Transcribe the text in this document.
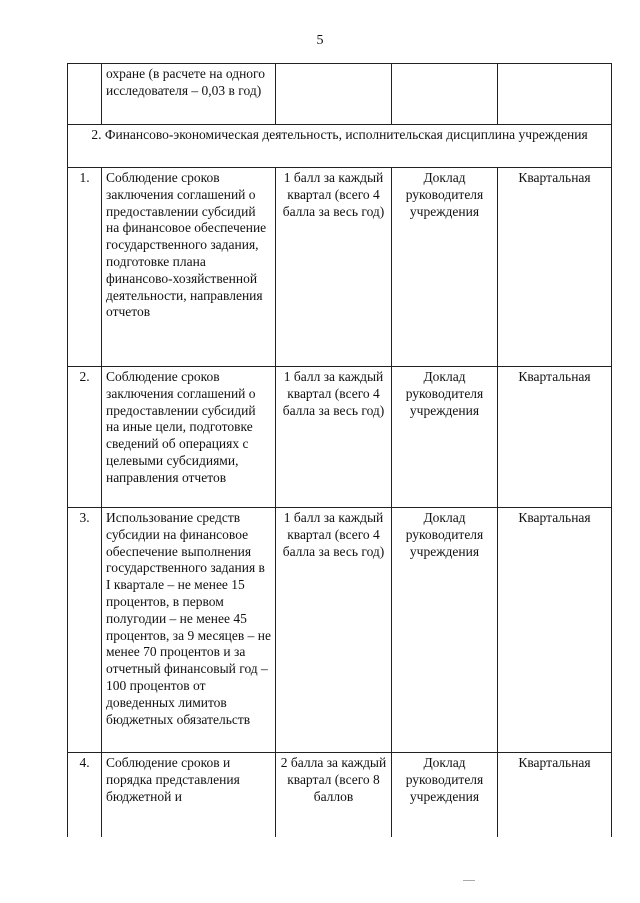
5
	охране (в расчете на одного исследователя – 0,03 в год)			
2. Финансово-экономическая деятельность, исполнительская дисциплина учреждения				
1.	Соблюдение сроков заключения соглашений о предоставлении субсидий на финансовое обеспечение государственного задания, подготовке плана финансово-хозяйственной деятельности, направления отчетов	1 балл за каждый квартал (всего 4 балла за весь год)	Доклад руководителя учреждения	Квартальная
2.	Соблюдение сроков заключения соглашений о предоставлении субсидий на иные цели, подготовке сведений об операциях с целевыми субсидиями, направления отчетов	1 балл за каждый квартал (всего 4 балла за весь год)	Доклад руководителя учреждения	Квартальная
3.	Использование средств субсидии на финансовое обеспечение выполнения государственного задания в I квартале – не менее 15 процентов, в первом полугодии – не менее 45 процентов, за 9 месяцев – не менее 70 процентов и за отчетный финансовый год – 100 процентов от доведенных лимитов бюджетных обязательств	1 балл за каждый квартал (всего 4 балла за весь год)	Доклад руководителя учреждения	Квартальная
4.	Соблюдение сроков и порядка представления бюджетной и	2 балла за каждый квартал (всего 8 баллов	Доклад руководителя учреждения	Квартальная
